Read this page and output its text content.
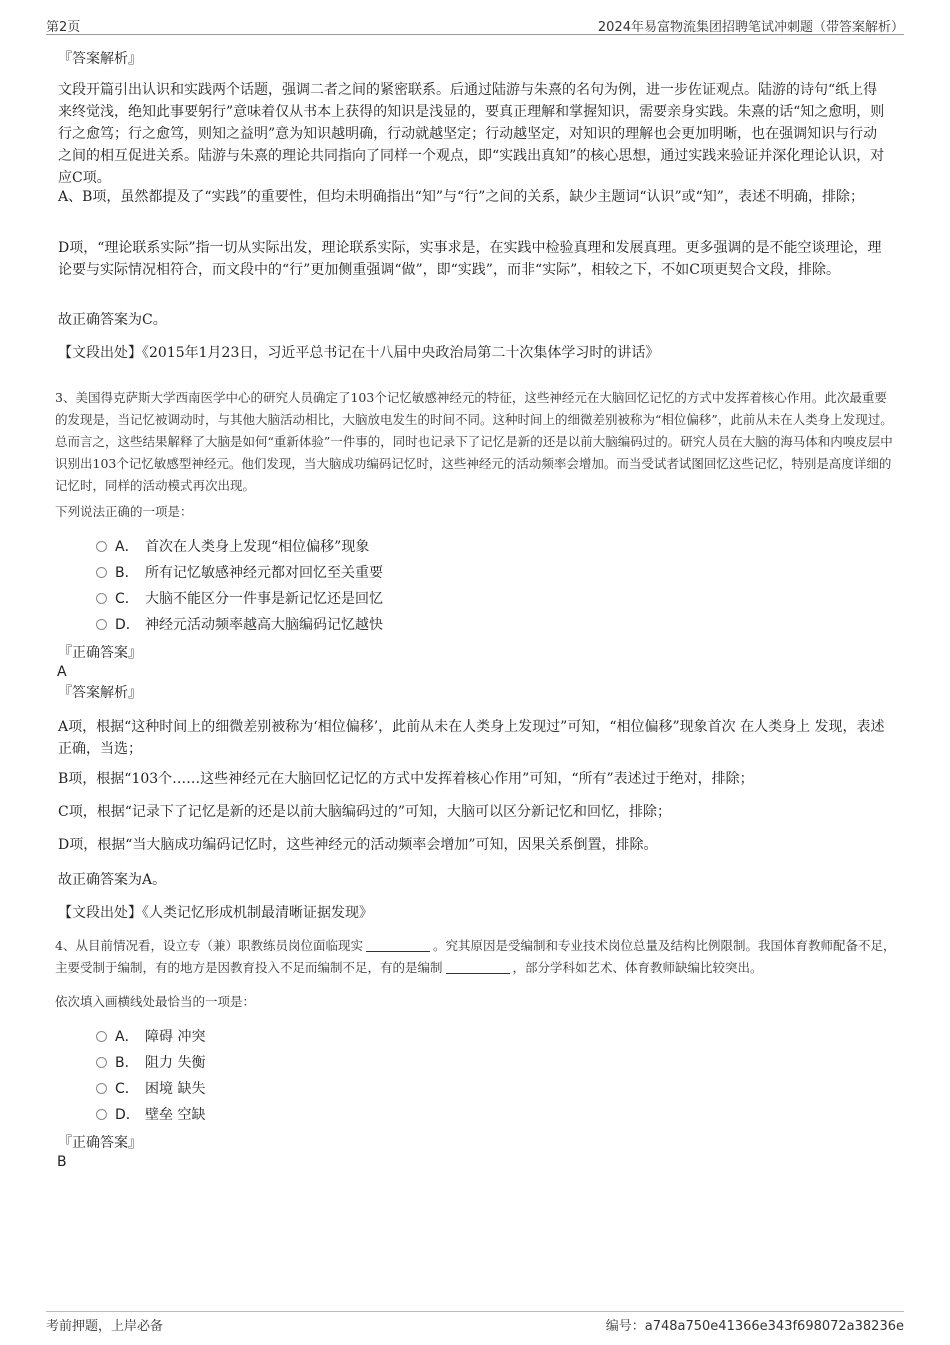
第2页	2024年易富物流集团招聘笔试冲刺题（带答案解析）
『答案解析』

文段开篇引出认识和实践两个话题，强调二者之间的紧密联系。后通过陆游与朱熹的名句为例，进一步佐证观点。陆游的诗句“纸上得来终觉浅，绝知此事要躬行”意味着仅从书本上获得的知识是浅显的，要真正理解和掌握知识，需要亲身实践。朱熹的话“知之愈明，则行之愈笃；行之愈笃，则知之益明”意为知识越明确，行动就越坚定；行动越坚定，对知识的理解也会更加明晰，也在强调知识与行动之间的相互促进关系。陆游与朱熹的理论共同指向了同样一个观点，即“实践出真知”的核心思想，通过实践来验证并深化理论认识，对应C项。

A、B项，虽然都提及了“实践”的重要性，但均未明确指出“知”与“行”之间的关系，缺少主题词“认识”或“知”，表述不明确，排除；

D项，“理论联系实际”指一切从实际出发，理论联系实际，实事求是，在实践中检验真理和发展真理。更多强调的是不能空谈理论，理论要与实际情况相符合，而文段中的“行”更加侧重强调“做”，即“实践”，而非“实际”，相较之下，不如C项更契合文段，排除。

故正确答案为C。

【文段出处】《2015年1月23日，习近平总书记在十八届中央政治局第二十次集体学习时的讲话》

3、美国得克萨斯大学西南医学中心的研究人员确定了103个记忆敏感神经元的特征，这些神经元在大脑回忆记忆的方式中发挥着核心作用。此次最重要的发现是，当记忆被调动时，与其他大脑活动相比，大脑放电发生的时间不同。这种时间上的细微差别被称为“相位偏移”，此前从未在人类身上发现过。总而言之，这些结果解释了大脑是如何“重新体验”一件事的，同时也记录下了记忆是新的还是以前大脑编码过的。研究人员在大脑的海马体和内嗅皮层中识别出103个记忆敏感型神经元。他们发现，当大脑成功编码记忆时，这些神经元的活动频率会增加。而当受试者试图回忆这些记忆，特别是高度详细的记忆时，同样的活动模式再次出现。
下列说法正确的一项是：
A． 首次在人类身上发现“相位偏移”现象
B． 所有记忆敏感神经元都对回忆至关重要
C． 大脑不能区分一件事是新记忆还是回忆
D． 神经元活动频率越高大脑编码记忆越快
『正确答案』
A
『答案解析』

A项，根据“这种时间上的细微差别被称为‘相位偏移’，此前从未在人类身上发现过”可知，“相位偏移”现象首次 在人类身上 发现，表述正确，当选；

B项，根据“103个……这些神经元在大脑回忆记忆的方式中发挥着核心作用”可知，“所有”表述过于绝对，排除；

C项，根据“记录下了记忆是新的还是以前大脑编码过的”可知，大脑可以区分新记忆和回忆，排除；

D项，根据“当大脑成功编码记忆时，这些神经元的活动频率会增加”可知，因果关系倒置，排除。

故正确答案为A。

【文段出处】《人类记忆形成机制最清晰证据发现》

4、从目前情况看，设立专（兼）职教练员岗位面临现实	。究其原因是受编制和专业技术岗位总量及结构比例限制。我国体育教师配备不足，主要受制于编制，有的地方是因教育投入不足而编制不足，有的是编制	，部分学科如艺术、体育教师缺编比较突出。
依次填入画横线处最恰当的一项是：
A． 障碍 冲突
B． 阻力 失衡
C． 困境 缺失
D． 壁垒 空缺
『正确答案』
B
考前押题，上岸必备	编号：a748a750e41366e343f698072a38236e
